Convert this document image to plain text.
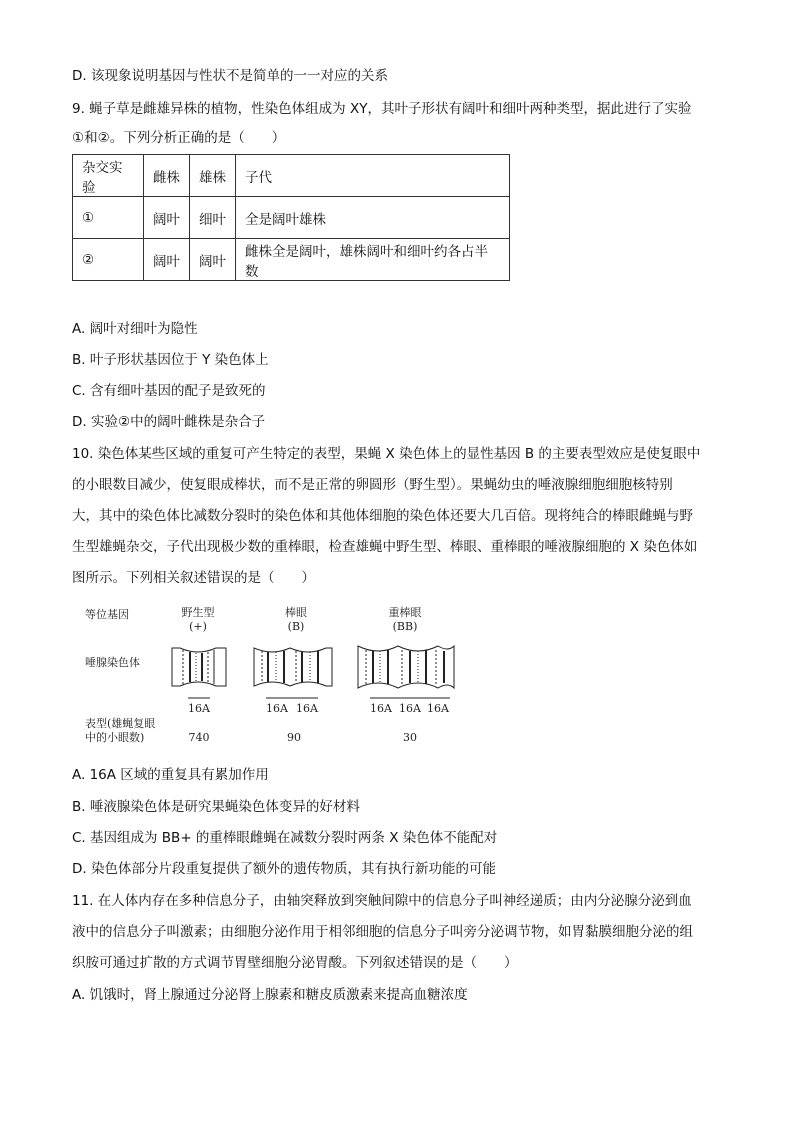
D. 该现象说明基因与性状不是简单的一一对应的关系
9. 蝇子草是雌雄异株的植物，性染色体组成为 XY，其叶子形状有阔叶和细叶两种类型，据此进行了实验
①和②。下列分析正确的是（　　）
杂交实验	雌株	雄株	子代
①	阔叶	细叶	全是阔叶雄株
②	阔叶	阔叶	雌株全是阔叶，雄株阔叶和细叶约各占半数
A. 阔叶对细叶为隐性
B. 叶子形状基因位于 Y 染色体上
C. 含有细叶基因的配子是致死的
D. 实验②中的阔叶雌株是杂合子
10. 染色体某些区域的重复可产生特定的表型，果蝇 X 染色体上的显性基因 B 的主要表型效应是使复眼中
的小眼数目减少，使复眼成棒状，而不是正常的卵圆形（野生型）。果蝇幼虫的唾液腺细胞细胞核特别
大，其中的染色体比减数分裂时的染色体和其他体细胞的染色体还要大几百倍。现将纯合的棒眼雌蝇与野
生型雄蝇杂交，子代出现极少数的重棒眼，检查雄蝇中野生型、棒眼、重棒眼的唾液腺细胞的 X 染色体如
图所示。下列相关叙述错误的是（　　）
等位基因
唾腺染色体
表型(雄蝇复眼
中的小眼数)
野生型
(+)
棒眼
(B)
重棒眼
(BB)
16A	16A 16A	16A 16A 16A
740	90	30
A. 16A 区域的重复具有累加作用
B. 唾液腺染色体是研究果蝇染色体变异的好材料
C. 基因组成为 BB+ 的重棒眼雌蝇在减数分裂时两条 X 染色体不能配对
D. 染色体部分片段重复提供了额外的遗传物质，其有执行新功能的可能
11. 在人体内存在多种信息分子，由轴突释放到突触间隙中的信息分子叫神经递质；由内分泌腺分泌到血
液中的信息分子叫激素；由细胞分泌作用于相邻细胞的信息分子叫旁分泌调节物，如胃黏膜细胞分泌的组
织胺可通过扩散的方式调节胃壁细胞分泌胃酸。下列叙述错误的是（　　）
A. 饥饿时，肾上腺通过分泌肾上腺素和糖皮质激素来提高血糖浓度
